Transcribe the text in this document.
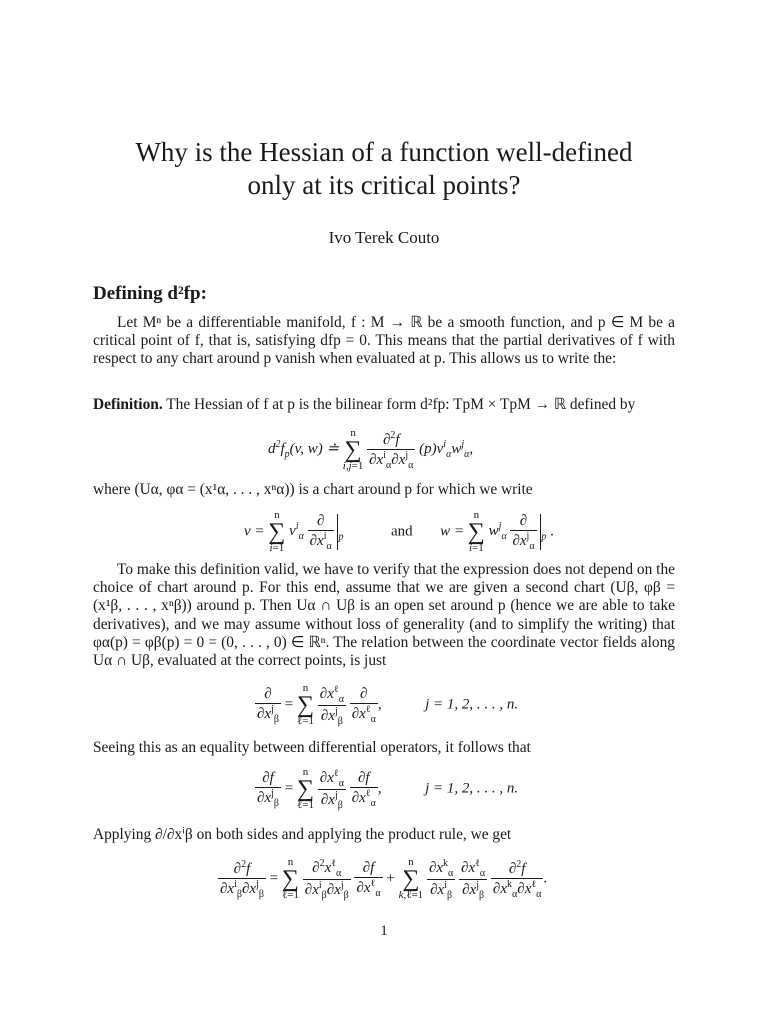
Why is the Hessian of a function well-defined
only at its critical points?
Ivo Terek Couto
Defining d²fp:
Let Mⁿ be a differentiable manifold, f : M → ℝ be a smooth function, and p ∈ M be a critical point of f, that is, satisfying dfp = 0. This means that the partial derivatives of f with respect to any chart around p vanish when evaluated at p. This allows us to write the:
Definition. The Hessian of f at p is the bilinear form d²fp: TpM × TpM → ℝ defined by
$d^2f_p(v$, w) ≐ n
∑
$i,j=1 \frac{\partial^2f}{\partial x^i_\alpha\partial x^j_\alpha} (p)v^i_\alpha w^j_\alpha$,
where (Uα, φα = (x¹α, . . . , xⁿα)) is a chart around p for which we write
v = n
∑
i=1 $v^i_\alpha \frac{\partial}{\partial x^i_\alpha} _p$	and w = n
∑
i=1 $w^j_\alpha \frac{\partial}{\partial x^j_\alpha} _p$ .
To make this definition valid, we have to verify that the expression does not depend on the choice of chart around p. For this end, assume that we are given a second chart (Uβ, φβ = (x¹β, . . . , xⁿβ)) around p. Then Uα ∩ Uβ is an open set around p (hence we are able to take derivatives), and we may assume without loss of generality (and to simplify the writing) that φα(p) = φβ(p) = 0 = (0, . . . , 0) ∈ ℝⁿ. The relation between the coordinate vector fields along Uα ∩ Uβ, evaluated at the correct points, is just
$\frac{\partial}{\partial x^j_\beta} = n$
∑
ℓ=1 $\frac{\partial x^\ell_\alpha}{\partial x^j_\beta}$
$\frac{\partial}{\partial x^\ell_\alpha}$ ,	j = 1, 2, . . . , n.
Seeing this as an equality between differential operators, it follows that
$\frac{\partial f}{\partial x^j_\beta} = n$
∑
ℓ=1 $\frac{\partial x^\ell_\alpha}{\partial x^j_\beta}$
$\frac{\partial f}{\partial x^\ell_\alpha}$ ,	j = 1, 2, . . . , n.
Applying ∂/∂xⁱβ on both sides and applying the product rule, we get
$\frac{\partial^2f}{\partial x^i_\beta\partial x^j_\beta} = n$
∑
ℓ=1 $\frac{\partial^2x^\ell_\alpha}{\partial x^i_\beta\partial x^j_\beta}$
$\frac{\partial f}{\partial x^\ell_\alpha} + n$
∑
k,ℓ=1 $\frac{\partial x^k_\alpha}{\partial x^i_\beta}$
$\frac{\partial x^\ell_\alpha}{\partial x^j_\beta}$
$\frac{\partial^2f}{\partial x^k_\alpha\partial x^\ell_\alpha}$ .
1
